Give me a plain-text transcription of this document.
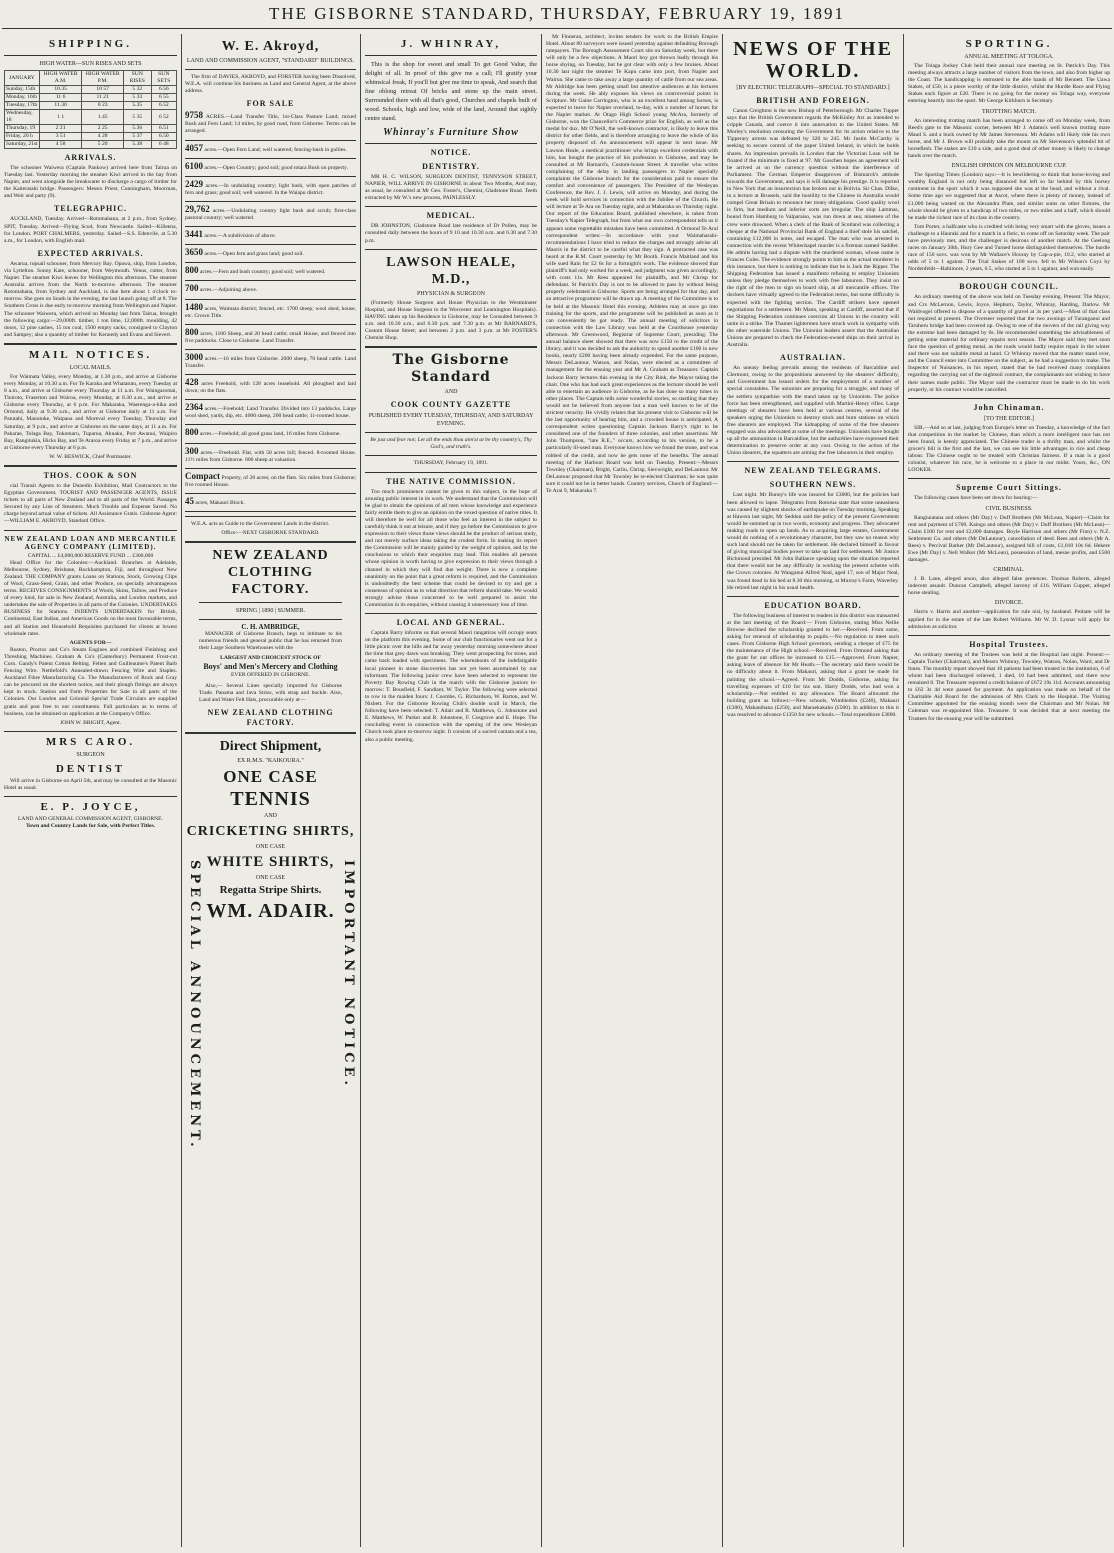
THE GISBORNE STANDARD, THURSDAY, FEBRUARY 19, 1891
SHIPPING.
HIGH WATER—SUN RISES AND SETS
JANUARY	HIGH WATER A.M.	HIGH WATER P.M.	SUN RISES	SUN SETS
Sunday, 15th	10.35	10 57	5 32	6.56
Monday, 16th	11 6	11 21	5 33	6 55
Tuesday, 17th	11.30	0 23	5.35	6.52
Wednesday, 18	1 1	1.45	5 35	6 52
Thursday, 19	2 21	2 25	5.36	6.51
Friday, 20 h	3 51	4 28	5 37	6.50
Saturday, 21st	4 58	5 20	5.38	6 48
ARRIVALS.
The schooner Waiwera (Captain Pankow) arrived here from Tairua on Tuesday last. Yesterday morning the steamer Kiwi arrived in the bay from Napier, and went alongside the breakwater to discharge a cargo of timber for the Kaiteratahi bridge. Passengers: Messrs Priest, Cunningham, Moorman, and Weir and party (9).
TELEGRAPHIC.
AUCKLAND, Tuesday. Arrived—Rotomahana, at 2 p.m., from Sydney. SPIT, Tuesday. Arrived—Flying Scud, from Newcastle. Sailed—Killeena, for London. PORT CHALMERS, yesterday. Sailed—S.S. Edenvile, at 5.30 a.m., for London, with English mail.
EXPECTED ARRIVALS.
Awarua, topsail schooner, from Mercury Bay. Opawa, ship, from London, via Lyttelton. Sonny Kate, schooner, from Weymouth. Venus, cutter, from Napier. The steamer Kiwi leaves for Wellington this afternoon. The steamer Australia arrives from the North to-morrow afternoon. The steamer Rotomahana, from Sydney and Auckland, is due here about 1 o'clock to-morrow. She goes on South in the evening, the last launch going off at 8. The Southern Cross is due early to-morrow morning from Wellington and Napier. The schooner Waiwera, which arrived on Monday last from Tairua, brought the following cargo:—29,000ft. timber, 1 ton lime, 12,000ft. moulding, 42 doors, 12 pine sashes, 15 ton coal, 1500 empty sacks, consigned to Clayton and Sampey; also a quantity of timber for Kennedy and Evans and Sievert.
MAIL NOTICES.
LOCAL MAILS.
For Waimata Valley, every Monday, at 1.30 p.m., and arrive at Gisborne every Monday, at 10.30 a.m. For Te Karaka and Whatatutu, every Tuesday at 8 a.m., and arrive at Gisborne every Thursday at 11 a.m. For Waingaromai, Tiniroto, Fraserton and Wairoa, every Monday, at 8.30 a.m., and arrive at Gisborne every Thursday, at 6 p.m. For Makaraka, Waerenga-a-hika and Ormond, daily at 9.30 a.m., and arrive at Gisborne daily at 11 a.m. For Patutahi, Manutuke, Waipaoa and Moreval every Tuesday, Thursday and Saturday, at 9 p.m., and arrive at Gisborne on the same days, at 11 a.m. For Pakarae, Tolaga Bay, Tokomaru, Tuparoa, Akuaku, Port Awanui, Waipiro Bay, Rangitukia, Hicks Bay, and Te Araroa every Friday at 7 p.m., and arrive at Gisborne every Thursday at 6 p.m.
W. W. BESWICK, Chief Postmaster.
THOS. COOK & SON
cial Transit Agents to the Dunedin Exhibition, Mail Contractors to the Egyptian Government. TOURIST AND PASSENGER AGENTS, ISSUE tickets to all parts of New Zealand and to all parts of the World. Passages Secured by any Line of Steamers. Much Trouble and Expense Saved. No charge beyond actual value of tickets. All Assistance Gratis. Gisborne Agent:—WILLIAM E. AKROYD, Standard Office.
NEW ZEALAND LOAN AND MERCANTILE AGENCY COMPANY (LIMITED).
CAPITAL ... £4,000,000 RESERVE FUND ... £300,000
Head Office for the Colonies:—Auckland. Branches at Adelaide, Melbourne, Sydney, Brisbane, Rockhampton, Fiji, and throughout New Zealand. THE COMPANY grants Loans on Stations, Stock, Growing Clips of Wool, Grass-Seed, Grain, and other Produce, on specially advantageous terms. RECEIVES CONSIGNMENTS of Wools, Skins, Tallow, and Produce of every kind, for sale in New Zealand, Australia, and London markets, and undertakes the sale of Properties in all parts of the Colonies. UNDERTAKES BUSINESS for Stations. INDENTS UNDERTAKEN for British, Continental, East Indian, and American Goods on the most favourable terms, and all Station and Household Requisites purchased for clients at lowest wholesale rates.
AGENTS FOR—
Ruston, Proctor and Co's Steam Engines and combined Finishing and Threshing Machines. Graham & Co's (Canterbury) Permanent Frost-cut Corn. Gandy's Patent Cotton Belting. Felten and Guilleaume's Patent Barb Fencing Wire. Nettlefold's Annealed-drawn Fencing Wire and Staples. Auckland Fibre Manufacturing Co. The Manufacturers of Rock and Gray can be procured on the shortest notice, and their plough fittings are always kept in stock. Station and Farm Properties for Sale in all parts of the Colonies. Our London and Colonial Special Trade Circulars are supplied gratis and post free to our constituents. Full particulars as to terms of business, can be obtained on application at the Company's Office.
JOHN W. BRIGHT, Agent.
MRS CARO.
SURGEON
DENTIST
Will arrive in Gisborne on April 5th, and may be consulted at the Masonic Hotel as usual.
E. P. JOYCE,
LAND AND GENERAL COMMISSION AGENT, GISBORNE.
Town and Country Lands for Sale, with Perfect Titles.
W. E. Akroyd,
LAND AND COMMISSION AGENT, "STANDARD" BUILDINGS.
The firm of DAVIES, AKROYD, and FORSTER having been Dissolved, W.E.A. will continue his business as Land and General Agent, at the above address.
FOR SALE
9758 ACRES.—Land Transfer Title, 1st-Class Pasture Land; mixed Bush and Fern Land; 14 miles, by good road, from Gisborne. Terms can be arranged.
4057 acres.—Open Fern Land; well watered; fencing-bush in gullies.
6100 acres.—Open Country; good soil; good totara Bush on property.
2429 acres.—In undulating country; light bush, with open patches of fern and grass; good soil; well watered. In the Waiapu district.
29,762 acres.—Undulating country light bush and scrub; first-class pastoral country; well watered.
3441 acres.—A subdivision of above.
3650 acres.—Open fern and grass land; good soil.
800 acres.—Fern and bush country; good soil; well watered.
700 acres.—Adjoining above.
1480 acres, Waimata district; fenced, etc. 1700 sheep; wool shed, house, etc. Crown Title.
800 acres, 1100 Sheep, and 20 head cattle; small House, and fenced into five paddocks. Close to Gisborne. Land Transfer.
3000 acres.—16 miles from Gisborne. 2000 sheep, 70 head cattle. Land Transfer.
428 acres Freehold, with 128 acres leasehold. All ploughed and laid down; on the flats.
2364 acres.—Freehold; Land Transfer. Divided into 13 paddocks. Large wool shed, yards, dip, etc. 4000 sheep, 200 head cattle; 11-roomed house.
800 acres.—Freehold; all good grass land, 16 miles from Gisborne.
300 acres.—Freehold. Flat, with 50 acres hill; fenced. 8-roomed House. 11½ miles from Gisborne. 600 sheep at valuation.
Compact Property, of 28 acres; on the flats. Six miles from Gisborne; five roomed House.
45 acres, Makauri Block.
W.E.A. acts as Guide to the Government Lands in the district.
Office:—NEXT GISBORNE STANDARD.
NEW ZEALAND CLOTHING FACTORY.
SPRING | 1890 | SUMMER.
C. H. AMBRIDGE,
MANAGER of Gisborne Branch, begs to intimate to his numerous friends and general public that he has returned from their Large Southern Warehouses with the
LARGEST AND CHOICEST STOCK OF
Boys' and Men's Mercery and Clothing
EVER OFFERED IN GISBORNE.
Also,— Several Lines specially imported for Gisborne Trade. Panama and Java Straw, with strap and buckle. Also, Land and Water Felt Hats, procurable only at—
NEW ZEALAND CLOTHING FACTORY.
Direct Shipment,
EX R.M.S. "KAIKOURA."
ONE CASE
TENNIS
AND
CRICKETING SHIRTS,
ONE CASE
WHITE SHIRTS,
ONE CASE
Regatta Stripe Shirts.
WM. ADAIR.
SPECIAL ANNOUNCEMENT.	IMPORTANT NOTICE.
J. WHINRAY,
This is the shop for sweet and small To get Good Value, the delight of all. In proof of this give me a call; I'll gratify your whimsical freak, If you'll but give me time to speak, And search that fine oblong retreat Of bricks and stone up the main street. Surrounded there with all that's good, Churches and chapels built of wood. Schools, high and low, wide of the land, Around that sightly centre stand.
Whinray's Furniture Show
NOTICE.
DENTISTRY.
MR H. C. WILSON, SURGEON DENTIST, TENNYSON STREET, NAPIER, WILL ARRIVE IN GISBORNE in about Two Months, And may, as usual, be consulted at Mr Geo. Foster's, Chemist, Gladstone Road. Teeth extracted by Mr W.'s new process, PAINLESSLY.
MEDICAL.
DR JOHNSTON, Gladstone Road late residence of Dr Pollen, may be consulted daily between the hours of 9 10 and 10.30 a.m. and 6.30 and 7.30 p.m.
LAWSON HEALE, M.D.,
PHYSICIAN & SURGEON
(Formerly House Surgeon and House Physician to the Westminster Hospital, and House Surgeon to the Worcester and Leamington Hospitals). HAVING taken up his Residence in Gisborne, may be Consulted between 9 a.m. and 10.30 a.m., and 6.30 p.m. and 7.30 p.m. at Mr BARNARD'S, Custom House Street; and between 2 p.m. and 3 p.m. at Mr FOSTER'S Chemist Shop.
The Gisborne Standard
AND
COOK COUNTY GAZETTE
PUBLISHED EVERY TUESDAY, THURSDAY, AND SATURDAY EVENING.
Be just and fear not; Let all the ends thou aim'st at be thy country's, Thy God's, and truth's.
THURSDAY, February 19, 1891.
THE NATIVE COMMISSION.
Too much prominence cannot be given to this subject, in the hope of arousing public interest in its work. We understand that the Commission will be glad to obtain the opinions of all men whose knowledge and experience fairly entitle them to give an opinion on the vexed question of native titles. It will therefore be well for all those who feel an interest in the subject to carefully think it out at leisure, and if they go before the Commission to give expression to their views those views should be the product of serious study, and not merely surface ideas taking the crudest form. In making its report the Commission will be mainly guided by the weight of opinion, and by the conclusions to which their enquiries may lead. This enables all persons whose opinion is worth having to give expression to their views through a channel in which they will find due weight. There is now a complete unanimity on the point that a great reform is required, and the Commission is undoubtedly the best scheme that could be devised to try and get a consensus of opinion as to what direction that reform should take. We would strongly advise those concerned to be well prepared to assist the Commission in its enquiries, without causing it unnecessary loss of time.
LOCAL AND GENERAL.
Captain Barry informs us that several Maori rangatiras will occupy seats on the platform this evening. Some of our club functionaries went out for a little picnic over the hills and far away yesterday morning somewhere about the time that grey dawn was breaking. They went prospecting for stone, and came back loaded with specimens. The whereabouts of the indefatigable local pioneer in stone discoveries has not yet been ascertained by our informant. The following junior crew have been selected to represent the Poverty Bay Rowing Club in the match with the Gisborne juniors to-morrow: T. Bousfield, F. Sandlant, W. Taylor. The following were selected to row in the maiden fours: J. Coombe, G. Richardson, W. Barton, and W. Nisbett. For the Gisborne Rowing Club's double scull in March, the following have been selected: T. Adair and R. Matthews, G. Johnstone and E. Matthews, W. Parker and R. Johnstone, F. Cosgrove and E. Hope. The concluding event in connection with the opening of the new Wesleyan Church took place to-morrow night. It consists of a sacred cantata and a tea, also a public meeting.
Mr Finneran, architect, invites tenders for work to the British Empire Hotel. About 80 surveyors were issued yesterday against defaulting Borough ratepayers. The Borough Assessment Court sits on Saturday week, but there will only be a few objections. A Maori boy got thrown badly through his horse shying, on Tuesday, but he got clear with only a few bruises. About 10.30 last night the steamer Te Kapu came into port, from Napier and Wairoa. She came to take away a large quantity of cattle from our sea areas. Mr Aldridge has been getting small but attentive audiences at his lectures during the week. He ably exposes his views on controversial points in Scripture. Mr Gaine Carrington, who is an excellent hand among horses, is expected to leave for Napier overland, to-day, with a number of horses for the Napier market. At Otago High School young McAra, formerly of Gisborne, won the Chancellor's Commerce prize for English, as well as the medal for dux. Mr O'Neill, the well-known contractor, is likely to leave this district for other fields, and is therefore arranging to leave the whole of his property disposed of. An announcement will appear in next issue. Mr Lawson Heale, a medical practitioner who brings excellent credentials with him, has bought the practice of his profession in Gisborne, and may be consulted at Mr Barnard's, Custom-house Street. A traveller who writes complaining of the delay in landing passengers in Napier specially complaints the Gisborne branch for the consideration paid to ensure the comfort and convenience of passengers. The President of the Wesleyan Conference, the Rev. J. J. Lewis, will arrive on Monday, and during the week will hold services in connection with the Jubilee of the Church. He will lecture at Te Ara on Tuesday night, and at Makaraka on Thursday night. Our report of the Education Board, published elsewhere, is taken from Tuesday's Napier Telegraph, but from what our own correspondent tells us it appears some regrettable mistakes have been committed. A Ormond Te Aral correspondent writes:—In accordance with your Waimaharahi-recommendations I have tried to reduce the charges and strongly advise all Maoris in the district to be careful what they sign. A protracted case was heard at the R.M. Court yesterday by Mr Booth. Francis Maitland and his wife sued Rain for £2 6s for a fortnight's work. The evidence showed that plaintiff's had only worked for a week, and judgment was given accordingly, with costs 11s. Mr Rees appeared for plaintiffs, and Mr Chrisp for defendant. St Patrick's Day is not to be allowed to pass by without being properly celebrated in Gisborne. Sports are being arranged for that day, and an attractive programme will be drawn up. A meeting of the Committee is to be held at the Masonic Hotel this evening. Athletes may at once go into training for the sports, and the programme will be published as soon as it can conveniently be got ready. The annual meeting of solicitors in connection with the Law Library was held at the Courthouse yesterday afternoon. Mr Greenwood, Registrar of Supreme Court, presiding. The annual balance sheet showed that there was now £150 to the credit of the library, and it was decided to ask the authority to spend another £100 in new books, nearly £200 having been already expended. For the same purpose, Messrs DeLautour, Watson, and Nolan, were elected as a committee of management for the ensuing year and Mr A. Graham as Treasurer. Captain Jackson Barry lectures this evening in the City Rink, the Mayor taking the chair. One who has had such great experiences as the lecturer should be well able to entertain an audience in Gisborne, as he has done so many times in other places. The Captain tells some wonderful stories, so startling that they would not be believed from anyone but a man well known to be of the strictest veracity. He vividly relates that his present visit to Gisborne will be the last opportunity of hearing him, and a crowded house is anticipated. A correspondent writes questioning Captain Jackson Barry's right to be considered one of the founders of three colonies, and other assertions. Mr John Thompson, "late R.E.," occurs, according to his version, to be a particularly ill-used man. Everyone knows how we found the stone, and was robbed of the credit, and now he gets none of the benefits. The annual meeting of the Harbour Board was held on Tuesday. Present:—Messrs Townley (Chairman), Bright, Carlin, Chrisp, Sievwright, and DeLautour. Mr DeLautour proposed that Mr Townley be re-elected Chairman; he was quite sure it could not be in better hands. Country services, Church of England:—Te Arai 9, Makaraka 7.
NEWS OF THE WORLD.
[BY ELECTRIC TELEGRAPH—SPECIAL TO STANDARD.]
BRITISH AND FOREIGN.
Canon Creighton is the new Bishop of Peterborough. Mr Charles Tupper says that the British Government regards the McKinley Act as intended to cripple Canada, and coerce it into annexation to the United States. Mr Morley's resolution censuring the Government for its action relative to the Tipperary arrests was defeated by 320 to 245. Mr Justin McCarthy is seeking to secure control of the paper United Ireland, in which he holds shares. An impression prevails in London that the Victorian Loan will be floated if the minimum is fixed at 97. Mr Goschen hopes an agreement will be arrived at on the currency question without the interference of Parliament. The German Emperor disapproves of Bismarck's attitude towards the Government, and says it will damage his prestige. It is reported in New York that an insurrection has broken out in Bolivia. Sir Chas. Dilke, in a lecture at Brussels, said the hostility to the Chinese in Australia would compel Great Britain to renounce her treaty obligations. Good quality wool is firm, but medium and inferior sorts are irregular. The ship Lammas, bound from Hamburg to Valparaiso, was run down at sea; nineteen of the crew were drowned. When a clerk of the Bank of Scotland was collecting a cheque at the National Provincial Bank of England a thief stole his satchel, containing £12,000 in notes, and escaped. The man who was arrested in connection with the recent Whitechapel murder is a fireman named Saddler. He admits having had a dispute with the murdered woman, whose name is Frances Coles. The evidence strongly points to him as the actual murderer in this instance, but there is nothing to indicate that he is Jack the Ripper. The Shipping Federation has issued a manifesto refusing to employ Unionists unless they pledge themselves to work with free labourers. They insist on the right of the men to sign on board ship, at all mercantile offices. The dockers have virtually agreed to the Federation terms, but some difficulty is expected with the fighting section. The Cardiff strikers have opened negotiations for a settlement. Mr Mann, speaking at Cardiff, asserted that if the Shipping Federation continues coercion all Unions in the country will unite in a strike. The Thames lightermen have struck work in sympathy with the other waterside Unions. The Unionist leaders assert that the Australian Unions are prepared to check the Federation-owned ships on their arrival in Australia.
AUSTRALIAN.
An uneasy feeling prevails among the residents of Barcaldine and Clermont, owing to the propositions answered by the shearers' difficulty, and Government has issued orders for the employment of a number of special constables. The unionists are preparing for a struggle, and many of the settlers sympathise with the stand taken up by Unionists. The police force has been strengthened, and supplied with Martini-Henry rifles. Large meetings of shearers have been held at various centres, several of the speakers urging the Unionists to destroy stock and burn stations on which free shearers are employed. The kidnapping of some of the free shearers engaged was also advocated at some of the meetings. Unionists have bought up all the ammunition in Barcaldine, but the authorities have expressed their determination to preserve order at any cost. Owing to the action of the Union shearers, the squatters are arming the free labourers in their employ.
NEW ZEALAND TELEGRAMS.
SOUTHERN NEWS.
Last night. Mr Bunny's life was insured for £3000, but the policies had been allowed to lapse. Telegrams from Rotorua state that some uneasiness was caused by slightest shocks of earthquake on Tuesday morning. Speaking at Hawera last night, Mr Seddon said the policy of the present Government would be summed up in two words, economy and progress. They advocated making roads to open up lands. As to acquiring large estates, Government would do nothing of a revolutionary character, but they saw no reason why such land should not be taken for settlement. He declared himself in favour of giving municipal bodies power to take up land for settlement. Mr Justice Richmond presided. Mr John Ballance speaking upon the situation reported that there would not be any difficulty in working the present scheme with the Crown colonies. At Wanganui Alfred Neal, aged 17, son of Major Neal, was found dead in his bed at 8.30 this morning, at Murray's Farm, Waverley. He retired last night in his usual health.
EDUCATION BOARD.
The following business of interest to readers in this district was transacted at the last meeting of the Board:— From Gisborne, stating Miss Nellie Browne declined the scholarship granted to her.—Received. From same, asking for renewal of scholarship to pupils.—No regulation to meet such cases. From Gisborne High School governors, sending a cheque of £75 for the maintenance of the High school.—Received. From Ormond asking that the grant for out offices be increased to £15.—Approved. From Napier, asking leave of absence for Mr Heath.—The secretary said there would be no difficulty about it. From Makauri, asking that a grant be made for painting the school.—Agreed. From Mr Dodds, Gisborne, asking for travelling expenses of £10 for his son. Harry Dodds, who had won a scholarship.—Not entitled to any allowance. The Board allocated the building grant as follows:—New schools, Wimbledon (£240), Makauri (£300), Mahanihana (£250), and Maraekakaho (£500). In addition to this it was resolved to advance £1350 for new schools.—Total expenditure £3800.
SPORTING.
ANNUAL MEETING AT TOLOGA.
The Tolaga Jockey Club held their annual race meeting on St. Patrick's Day. This meeting always attracts a large number of visitors from the town, and also from higher up the Coast. The handicapping is entrusted to the able hands of Mr Bennett. The Uawa Stakes, of £50, is a piece worthy of the little district, whilst the Hurdle Race and Flying Stakes each figure at £20. There is no going for the money on Tolaga way, everyone entering heartily into the sport. Mr George Kirkburn is Secretary.
TROTTING MATCH.
An interesting trotting match has been arranged to come off on Monday week, from Reed's gate to the Masonic corner, between Mr J. Adams's well known trotting mare Maud S. and a buck owned by Mr James Stevenson. Mr Adams will likely ride his own horse, and Mr J. Brown will probably take the mount on Mr Stevenson's splendid bit of horseflesh. The stakes are £10 a side, and a good deal of other money is likely to change hands over the match.
ENGLISH OPINION ON MELBOURNE CUP.
The Sporting Times (London) says:—It is bewildering to think that horse-loving and wealthy England is not only being distanced but left so far behind by this horsey continent in the sport which it was supposed she was at the head, and without a rival. Some time ago we suggested that at Ascot, where there is plenty of money, instead of £1,000 being wasted on the Alexandra Plate, and similar sums on other fixtures, the whole should be given to a handicap of two miles, or two miles and a half, which should be made the richest race of its class in the country.
Tom Porter, a halfcaste who is credited with being very smart with the gloves, issues a challenge to a Hauraki and for a match in a fistic, to come off on Saturday week. The pair have previously met, and the challenger is desirous of another match. At the Geelong races on January 30th, Hury Gee and Turned horse distinguished themselves. The hurdle race of 150 sovs. was won by Mr Wallace's Hooray by Cap-a-pie, 10.2, who started at odds of 5 to 1 against. The Trial Stakes of 100 sovs. fell to Mr Wilson's Coyz by Nordenfeldt—Baltimore, 2 years, 6.5, who started at 5 to 1 against, and won easily.
BOROUGH COUNCIL.
An ordinary meeting of the above was held on Tuesday evening. Present: The Mayor, and Crs McLernon, Lewis, Joyce, Hepburn, Taylor, Whinray, Harding, Darlow. Mr Waldvogel offered to dispose of a quantity of gravel at 3s per yard.—Most of that class not required at present. The Overseer reported that the two awnings of Turanganui and Taruheru bridge had been covered up. Owing to one of the movers of the rail giving way the extreme had been damaged by 6s. He recommended something the advisableness of getting some material for ordinary repairs next season. The Mayor said they met soon face the question of getting metal, as the roads would badly require repair in the winter and there was not suitable metal at hand. Cr Whinray moved that the matter stand over, and the Council enter into Committee on the subject, as he had a suggestion to make. The Inspector of Nuisances, in his report, stated that he had received many complaints regarding the carrying out of the nightsoil contract, the complainants not wishing to have their names made public. The Mayor said the contractor must be made to do his work properly, or his contract would be cancelled.
John Chinaman.
[TO THE EDITOR.]
SIR,—And so at last, judging from Europe's letter on Tuesday, a knowledge of the fact that competition in the market by Chinese, than which a more intelligent race has not been found, is keenly appreciated. The Chinese trader is a thrifty man, and whilst the grocer's bill is the first and the last, we can see his little advantages in rice and cheap labour. The Chinese ought to be treated with Christian fairness. If a man is a good colonist, whatever his race, he is welcome to a place in our midst. Yours, &c., ON LOOKER.
Supreme Court Sittings.
The following cases have been set down for hearing:—
CIVIL BUSINESS.
Rangiuiatana and others (Mr Day) v. Duff Brothers (Mr McLean, Napier)—Claim for rent and payment of £700. Kaingo and others (Mr Day) v. Duff Brothers (Mr McLean)—Claim £100 for rent and £2,000 damages. Boyle Harrison and others (Mr Finn) v. N.Z. Settlement Co. and others (Mr DeLautour), cancellation of deed. Rees and others (Mr A. Rees) v. Percival Barker (Mr DeLautour), assigned bill of costs, £1,010 10s 6d. Hekere Ewe (Mr Day) v. Nell Walker (Mr McLean), possession of land, mesne profits, and £500 damages.
CRIMINAL.
J. B. Lane, alleged arson, also alleged false pretences. Thomas Roberts, alleged indecent assault. Duncan Campbell, alleged larceny of £16. William Cupper, alleged horse stealing.
DIVORCE.
Harris v. Harris and another—application for rule nisi, by husband. Probate will be applied for in the estate of the late Robert Williams. Mr W. D. Lysnar will apply for admission as solicitor.
Hospital Trustees.
An ordinary meeting of the Trustees was held at the Hospital last night. Present:—Captain Tucker (Chairman), and Messrs Whinray, Townley, Watson, Nolan, Ward, and Dr Innes. The monthly report showed that 10 patients had been treated in the institution, 6 of whom had been discharged relieved, 1 died, 10 had been admitted, and there now remained 8. The Treasurer reported a credit balance of £672 19s 11d. Accounts amounting to £62 3s 4d were passed for payment. An application was made on behalf of the Charitable Aid Board for the admission of Mrs Clark to the Hospital. The Visiting Committee appointed for the ensuing month were the Chairman and Mr Nolan. Mr Coleman was re-appointed Hon. Treasurer. It was decided that at next meeting the Trustees for the ensuing year will be submitted.
